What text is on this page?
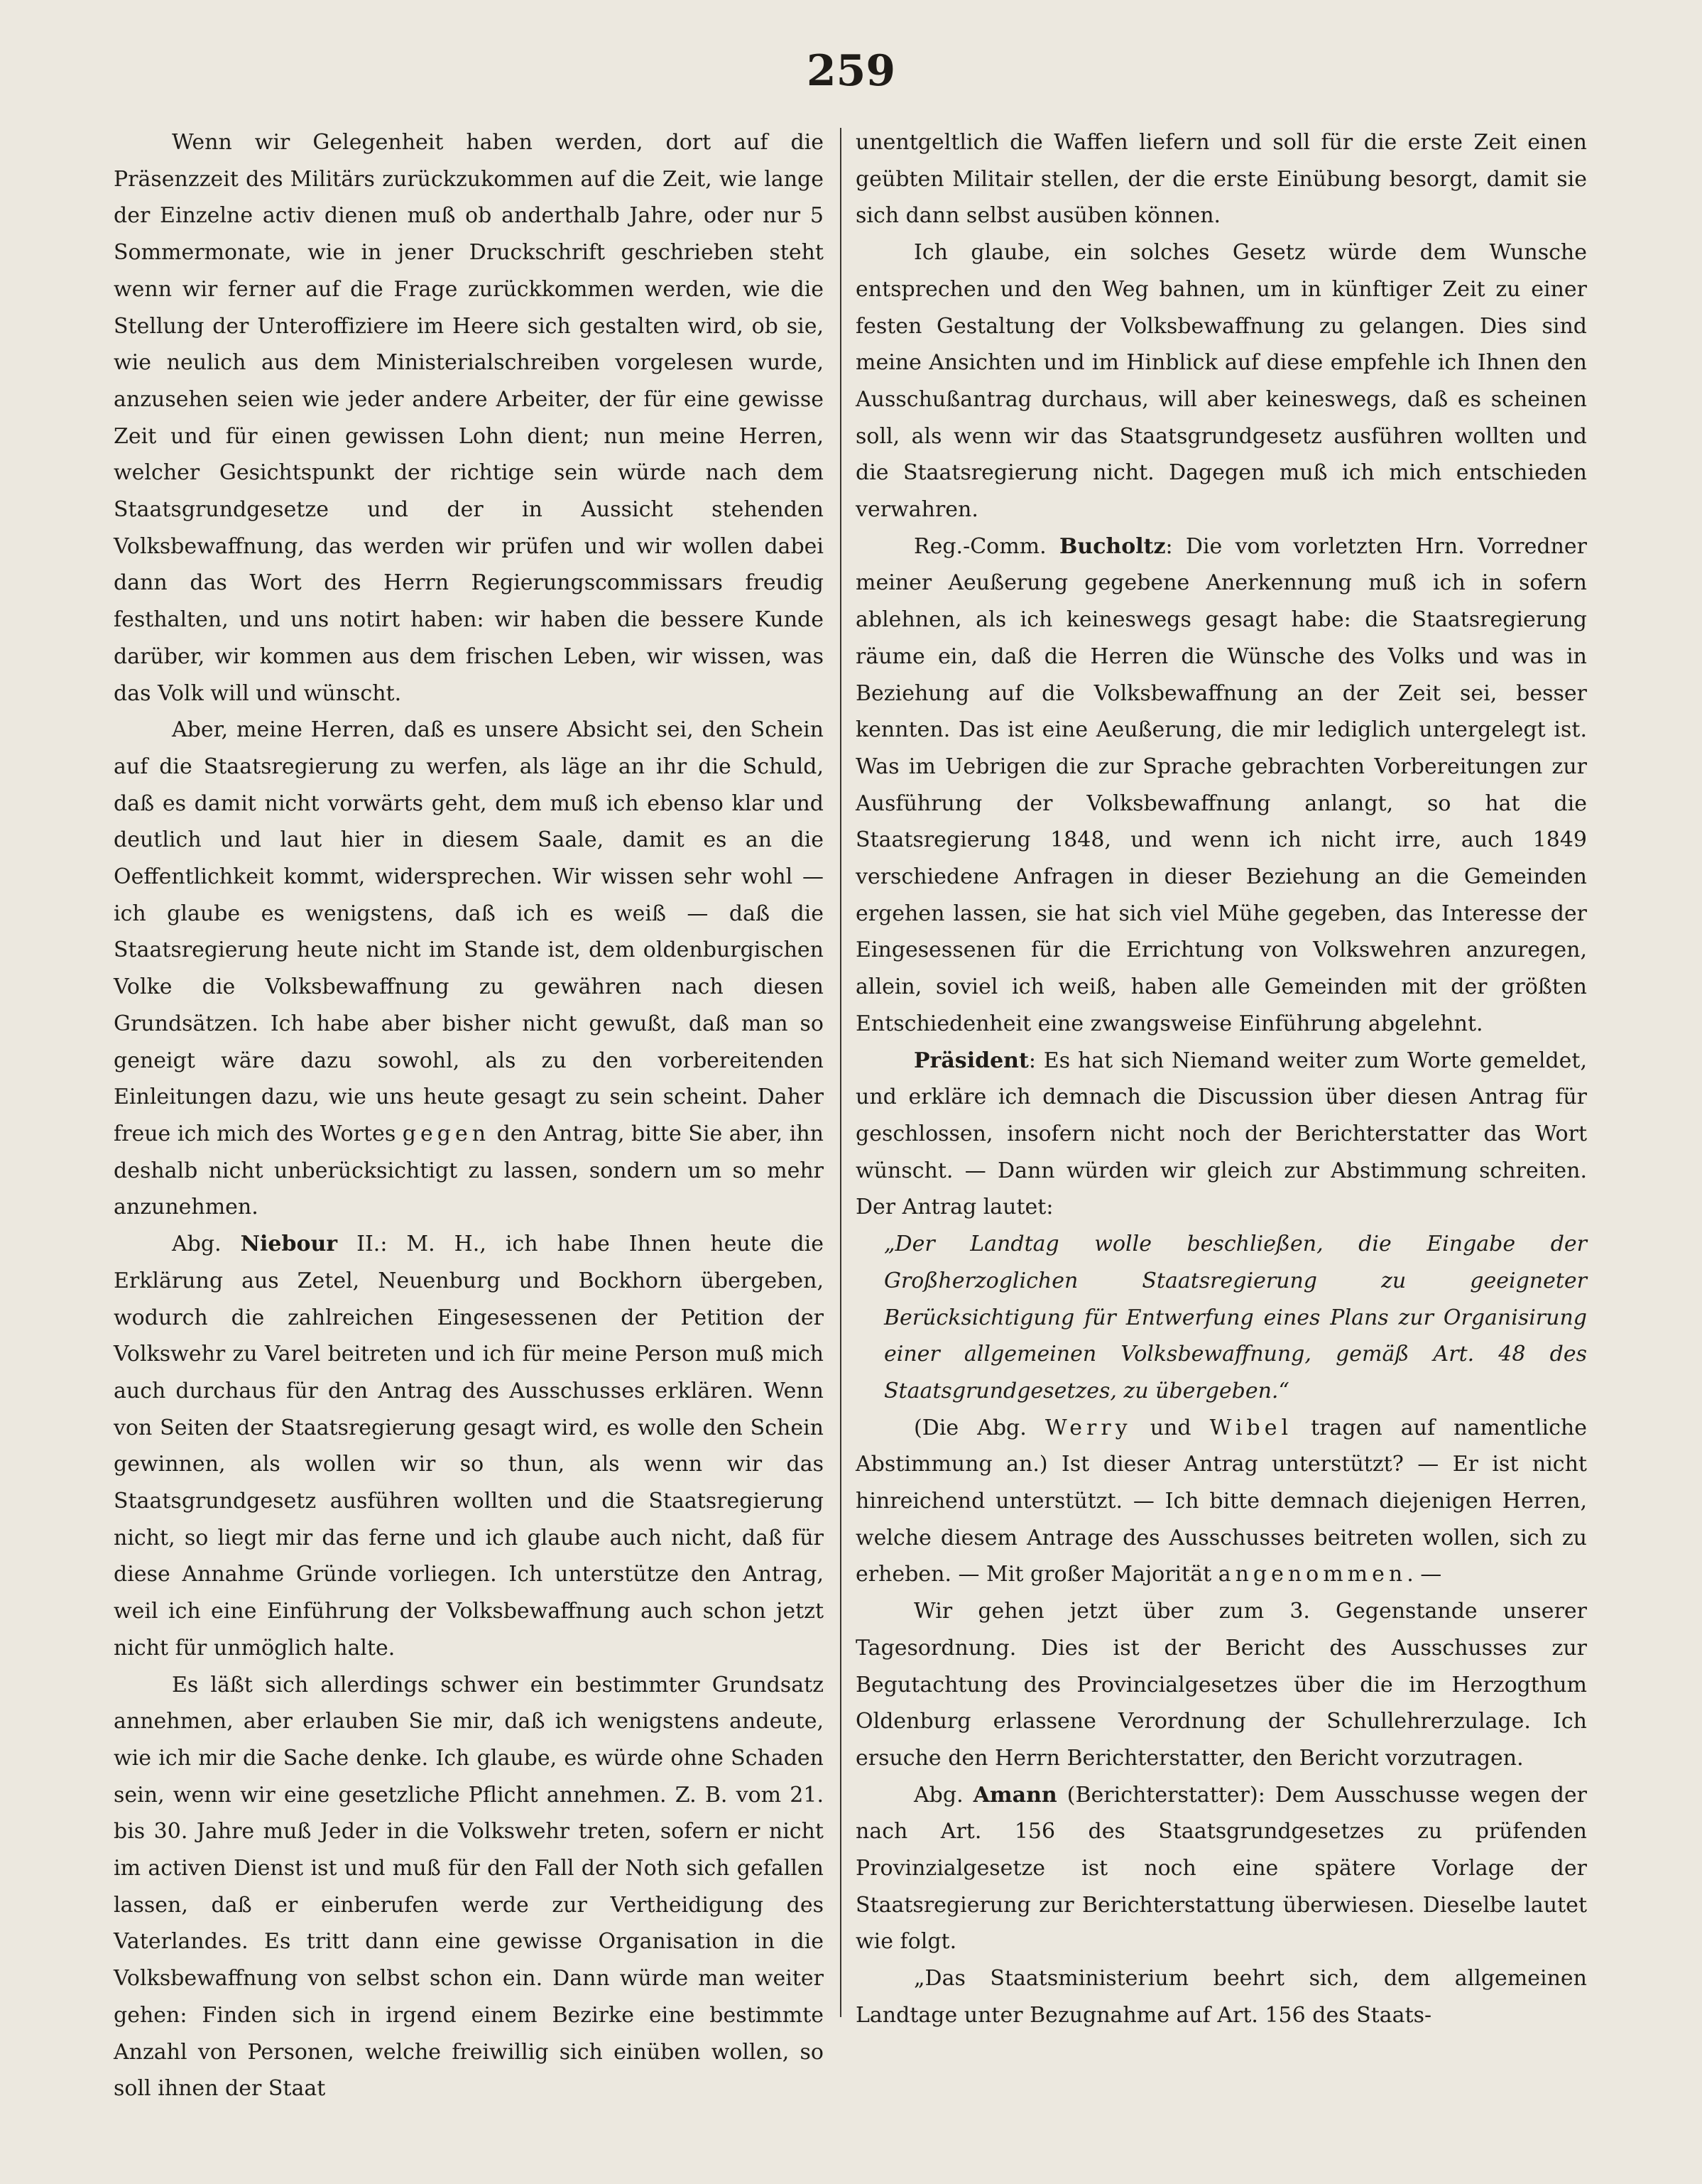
259

Wenn wir Gelegenheit haben werden, dort auf die Präsenzzeit des Militärs zurückzukommen auf die Zeit, wie lange der Einzelne activ dienen muß ob anderthalb Jahre, oder nur 5 Sommermonate, wie in jener Druckschrift geschrieben steht wenn wir ferner auf die Frage zurückkommen werden, wie die Stellung der Unteroffiziere im Heere sich gestalten wird, ob sie, wie neulich aus dem Ministerialschreiben vorgelesen wurde, anzusehen seien wie jeder andere Arbeiter, der für eine gewisse Zeit und für einen gewissen Lohn dient; nun meine Herren, welcher Gesichtspunkt der richtige sein würde nach dem Staatsgrundgesetze und der in Aussicht stehenden Volksbewaffnung, das werden wir prüfen und wir wollen dabei dann das Wort des Herrn Regierungscommissars freudig festhalten, und uns notirt haben: wir haben die bessere Kunde darüber, wir kommen aus dem frischen Leben, wir wissen, was das Volk will und wünscht.

Aber, meine Herren, daß es unsere Absicht sei, den Schein auf die Staatsregierung zu werfen, als läge an ihr die Schuld, daß es damit nicht vorwärts geht, dem muß ich ebenso klar und deutlich und laut hier in diesem Saale, damit es an die Oeffentlichkeit kommt, widersprechen. Wir wissen sehr wohl — ich glaube es wenigstens, daß ich es weiß — daß die Staatsregierung heute nicht im Stande ist, dem oldenburgischen Volke die Volksbewaffnung zu gewähren nach diesen Grundsätzen. Ich habe aber bisher nicht gewußt, daß man so geneigt wäre dazu sowohl, als zu den vorbereitenden Einleitungen dazu, wie uns heute gesagt zu sein scheint. Daher freue ich mich des Wortes gegen den Antrag, bitte Sie aber, ihn deshalb nicht unberücksichtigt zu lassen, sondern um so mehr anzunehmen.

Abg. Niebour II.: M. H., ich habe Ihnen heute die Erklärung aus Zetel, Neuenburg und Bockhorn übergeben, wodurch die zahlreichen Eingesessenen der Petition der Volkswehr zu Varel beitreten und ich für meine Person muß mich auch durchaus für den Antrag des Ausschusses erklären. Wenn von Seiten der Staatsregierung gesagt wird, es wolle den Schein gewinnen, als wollen wir so thun, als wenn wir das Staatsgrundgesetz ausführen wollten und die Staatsregierung nicht, so liegt mir das ferne und ich glaube auch nicht, daß für diese Annahme Gründe vorliegen. Ich unterstütze den Antrag, weil ich eine Einführung der Volksbewaffnung auch schon jetzt nicht für unmöglich halte.

Es läßt sich allerdings schwer ein bestimmter Grundsatz annehmen, aber erlauben Sie mir, daß ich wenigstens andeute, wie ich mir die Sache denke. Ich glaube, es würde ohne Schaden sein, wenn wir eine gesetzliche Pflicht annehmen. Z. B. vom 21. bis 30. Jahre muß Jeder in die Volkswehr treten, sofern er nicht im activen Dienst ist und muß für den Fall der Noth sich gefallen lassen, daß er einberufen werde zur Vertheidigung des Vaterlandes. Es tritt dann eine gewisse Organisation in die Volksbewaffnung von selbst schon ein. Dann würde man weiter gehen: Finden sich in irgend einem Bezirke eine bestimmte Anzahl von Personen, welche freiwillig sich einüben wollen, so soll ihnen der Staat

unentgeltlich die Waffen liefern und soll für die erste Zeit einen geübten Militair stellen, der die erste Einübung besorgt, damit sie sich dann selbst ausüben können.

Ich glaube, ein solches Gesetz würde dem Wunsche entsprechen und den Weg bahnen, um in künftiger Zeit zu einer festen Gestaltung der Volksbewaffnung zu gelangen. Dies sind meine Ansichten und im Hinblick auf diese empfehle ich Ihnen den Ausschußantrag durchaus, will aber keineswegs, daß es scheinen soll, als wenn wir das Staatsgrundgesetz ausführen wollten und die Staatsregierung nicht. Dagegen muß ich mich entschieden verwahren.

Reg.-Comm. Bucholtz: Die vom vorletzten Hrn. Vorredner meiner Aeußerung gegebene Anerkennung muß ich in sofern ablehnen, als ich keineswegs gesagt habe: die Staatsregierung räume ein, daß die Herren die Wünsche des Volks und was in Beziehung auf die Volksbewaffnung an der Zeit sei, besser kennten. Das ist eine Aeußerung, die mir lediglich untergelegt ist. Was im Uebrigen die zur Sprache gebrachten Vorbereitungen zur Ausführung der Volksbewaffnung anlangt, so hat die Staatsregierung 1848, und wenn ich nicht irre, auch 1849 verschiedene Anfragen in dieser Beziehung an die Gemeinden ergehen lassen, sie hat sich viel Mühe gegeben, das Interesse der Eingesessenen für die Errichtung von Volkswehren anzuregen, allein, soviel ich weiß, haben alle Gemeinden mit der größten Entschiedenheit eine zwangsweise Einführung abgelehnt.

Präsident: Es hat sich Niemand weiter zum Worte gemeldet, und erkläre ich demnach die Discussion über diesen Antrag für geschlossen, insofern nicht noch der Berichterstatter das Wort wünscht. — Dann würden wir gleich zur Abstimmung schreiten. Der Antrag lautet:

„Der Landtag wolle beschließen, die Eingabe der Großherzoglichen Staatsregierung zu geeigneter Berücksichtigung für Entwerfung eines Plans zur Organisirung einer allgemeinen Volksbewaffnung, gemäß Art. 48 des Staatsgrundgesetzes, zu übergeben.“

(Die Abg. Werry und Wibel tragen auf namentliche Abstimmung an.) Ist dieser Antrag unterstützt? — Er ist nicht hinreichend unterstützt. — Ich bitte demnach diejenigen Herren, welche diesem Antrage des Ausschusses beitreten wollen, sich zu erheben. — Mit großer Majorität angenommen. —

Wir gehen jetzt über zum 3. Gegenstande unserer Tagesordnung. Dies ist der Bericht des Ausschusses zur Begutachtung des Provincialgesetzes über die im Herzogthum Oldenburg erlassene Verordnung der Schullehrerzulage. Ich ersuche den Herrn Berichterstatter, den Bericht vorzutragen.

Abg. Amann (Berichterstatter): Dem Ausschusse wegen der nach Art. 156 des Staatsgrundgesetzes zu prüfenden Provinzialgesetze ist noch eine spätere Vorlage der Staatsregierung zur Berichterstattung überwiesen. Dieselbe lautet wie folgt.

„Das Staatsministerium beehrt sich, dem allgemeinen Landtage unter Bezugnahme auf Art. 156 des Staats-
